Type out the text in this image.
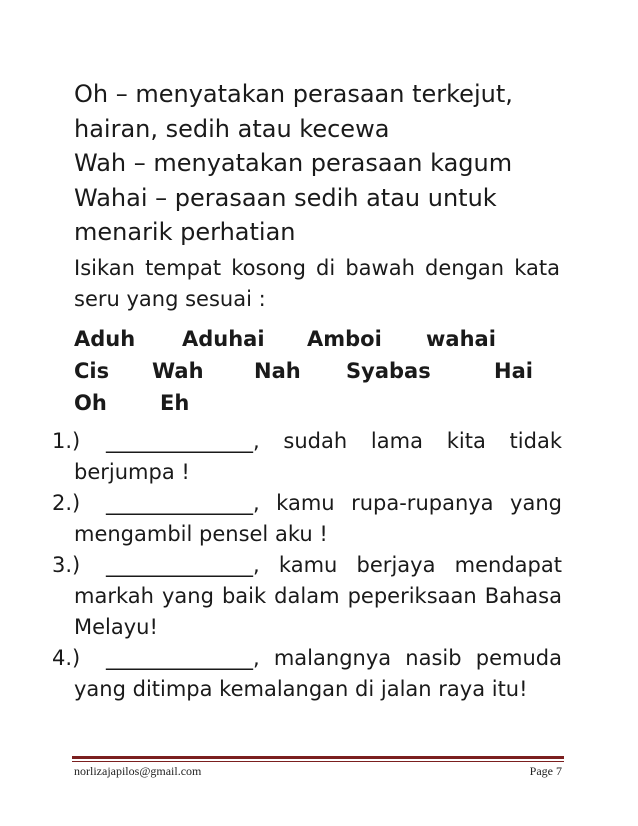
Oh – menyatakan perasaan terkejut, hairan, sedih atau kecewa

Wah – menyatakan perasaan kagum

Wahai – perasaan sedih atau untuk menarik perhatian

Isikan tempat kosong di bawah dengan kata seru yang sesuai :
Aduh Aduhai Amboi wahai
Cis Wah Nah Syabas	Hai
Oh	Eh
1.)	______________, sudah lama kita tidak berjumpa !
2.)	______________, kamu rupa-rupanya yang mengambil pensel aku !
3.)	______________, kamu berjaya mendapat markah yang baik dalam peperiksaan Bahasa Melayu!
4.)	______________, malangnya nasib pemuda yang ditimpa kemalangan di jalan raya itu!
norlizajapilos@gmail.com	Page 7
